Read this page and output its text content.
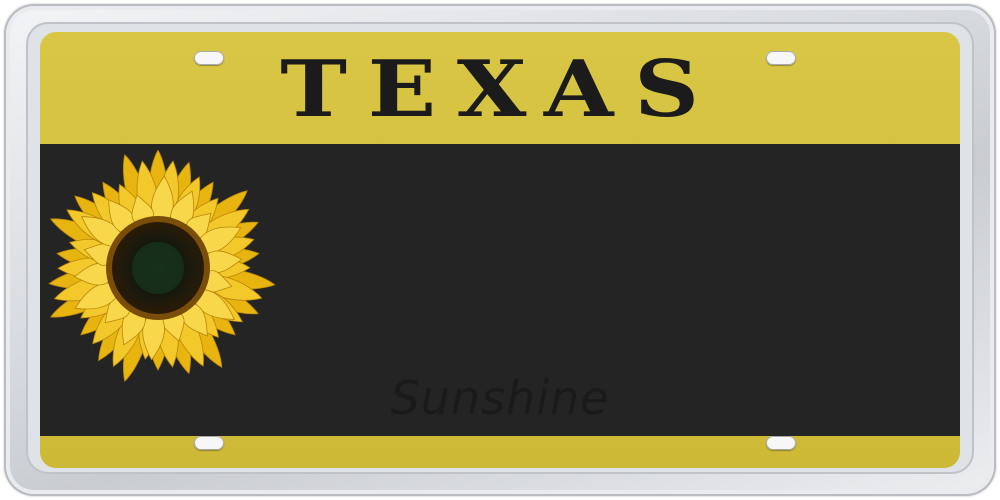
TEXAS
Sunshine
